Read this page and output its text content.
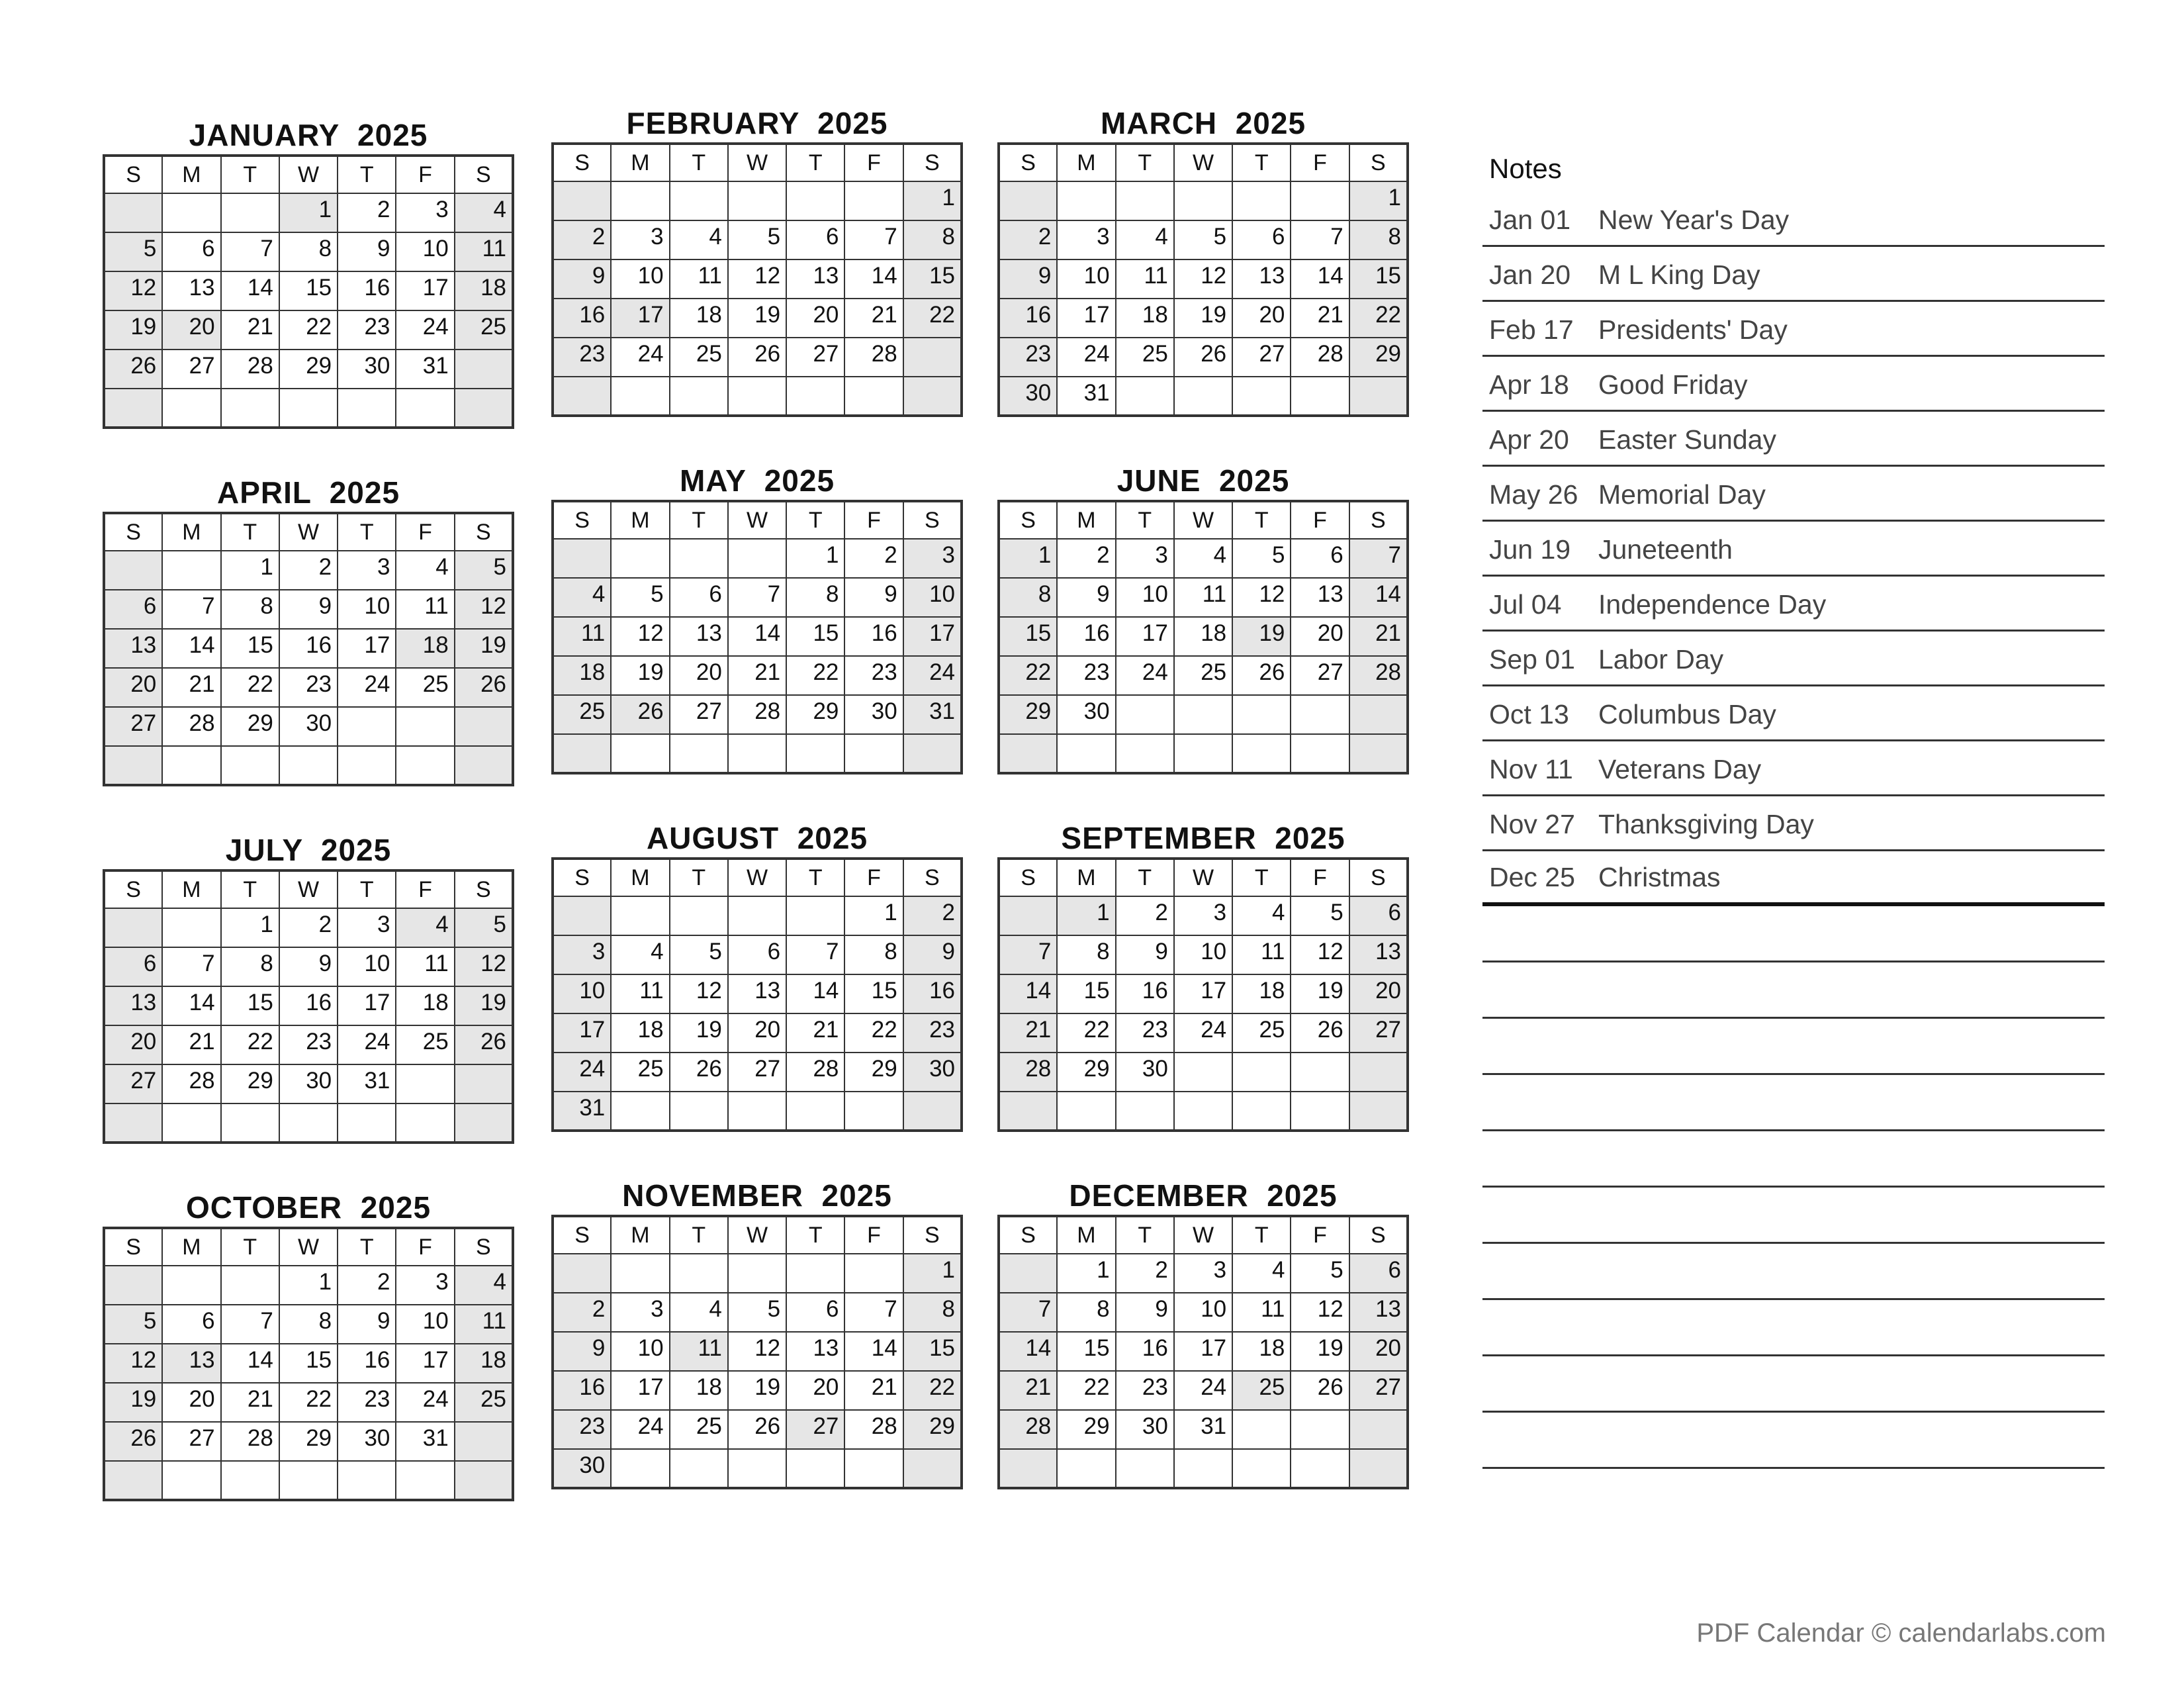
JANUARY  2025
S	M	T	W	T	F	S
			1	2	3	4
5	6	7	8	9	10	11
12	13	14	15	16	17	18
19	20	21	22	23	24	25
26	27	28	29	30	31	

FEBRUARY  2025
S	M	T	W	T	F	S
						1
2	3	4	5	6	7	8
9	10	11	12	13	14	15
16	17	18	19	20	21	22
23	24	25	26	27	28	

MARCH  2025
S	M	T	W	T	F	S
						1
2	3	4	5	6	7	8
9	10	11	12	13	14	15
16	17	18	19	20	21	22
23	24	25	26	27	28	29
30	31					
APRIL  2025
S	M	T	W	T	F	S
		1	2	3	4	5
6	7	8	9	10	11	12
13	14	15	16	17	18	19
20	21	22	23	24	25	26
27	28	29	30			

MAY  2025
S	M	T	W	T	F	S
				1	2	3
4	5	6	7	8	9	10
11	12	13	14	15	16	17
18	19	20	21	22	23	24
25	26	27	28	29	30	31

JUNE  2025
S	M	T	W	T	F	S
1	2	3	4	5	6	7
8	9	10	11	12	13	14
15	16	17	18	19	20	21
22	23	24	25	26	27	28
29	30					

JULY  2025
S	M	T	W	T	F	S
		1	2	3	4	5
6	7	8	9	10	11	12
13	14	15	16	17	18	19
20	21	22	23	24	25	26
27	28	29	30	31		

AUGUST  2025
S	M	T	W	T	F	S
					1	2
3	4	5	6	7	8	9
10	11	12	13	14	15	16
17	18	19	20	21	22	23
24	25	26	27	28	29	30
31						
SEPTEMBER  2025
S	M	T	W	T	F	S
	1	2	3	4	5	6
7	8	9	10	11	12	13
14	15	16	17	18	19	20
21	22	23	24	25	26	27
28	29	30				

OCTOBER  2025
S	M	T	W	T	F	S
			1	2	3	4
5	6	7	8	9	10	11
12	13	14	15	16	17	18
19	20	21	22	23	24	25
26	27	28	29	30	31	

NOVEMBER  2025
S	M	T	W	T	F	S
						1
2	3	4	5	6	7	8
9	10	11	12	13	14	15
16	17	18	19	20	21	22
23	24	25	26	27	28	29
30						
DECEMBER  2025
S	M	T	W	T	F	S
	1	2	3	4	5	6
7	8	9	10	11	12	13
14	15	16	17	18	19	20
21	22	23	24	25	26	27
28	29	30	31			

Notes
Jan 01	New Year's Day
Jan 20	M L King Day
Feb 17 Presidents' Day
Apr 18	Good Friday
Apr 20	Easter Sunday
May 26 Memorial Day
Jun 19	Juneteenth
Jul 04	Independence Day
Sep 01 Labor Day
Oct 13	Columbus Day
Nov 11 Veterans Day
Nov 27 Thanksgiving Day
Dec 25 Christmas
PDF Calendar © calendarlabs.com
